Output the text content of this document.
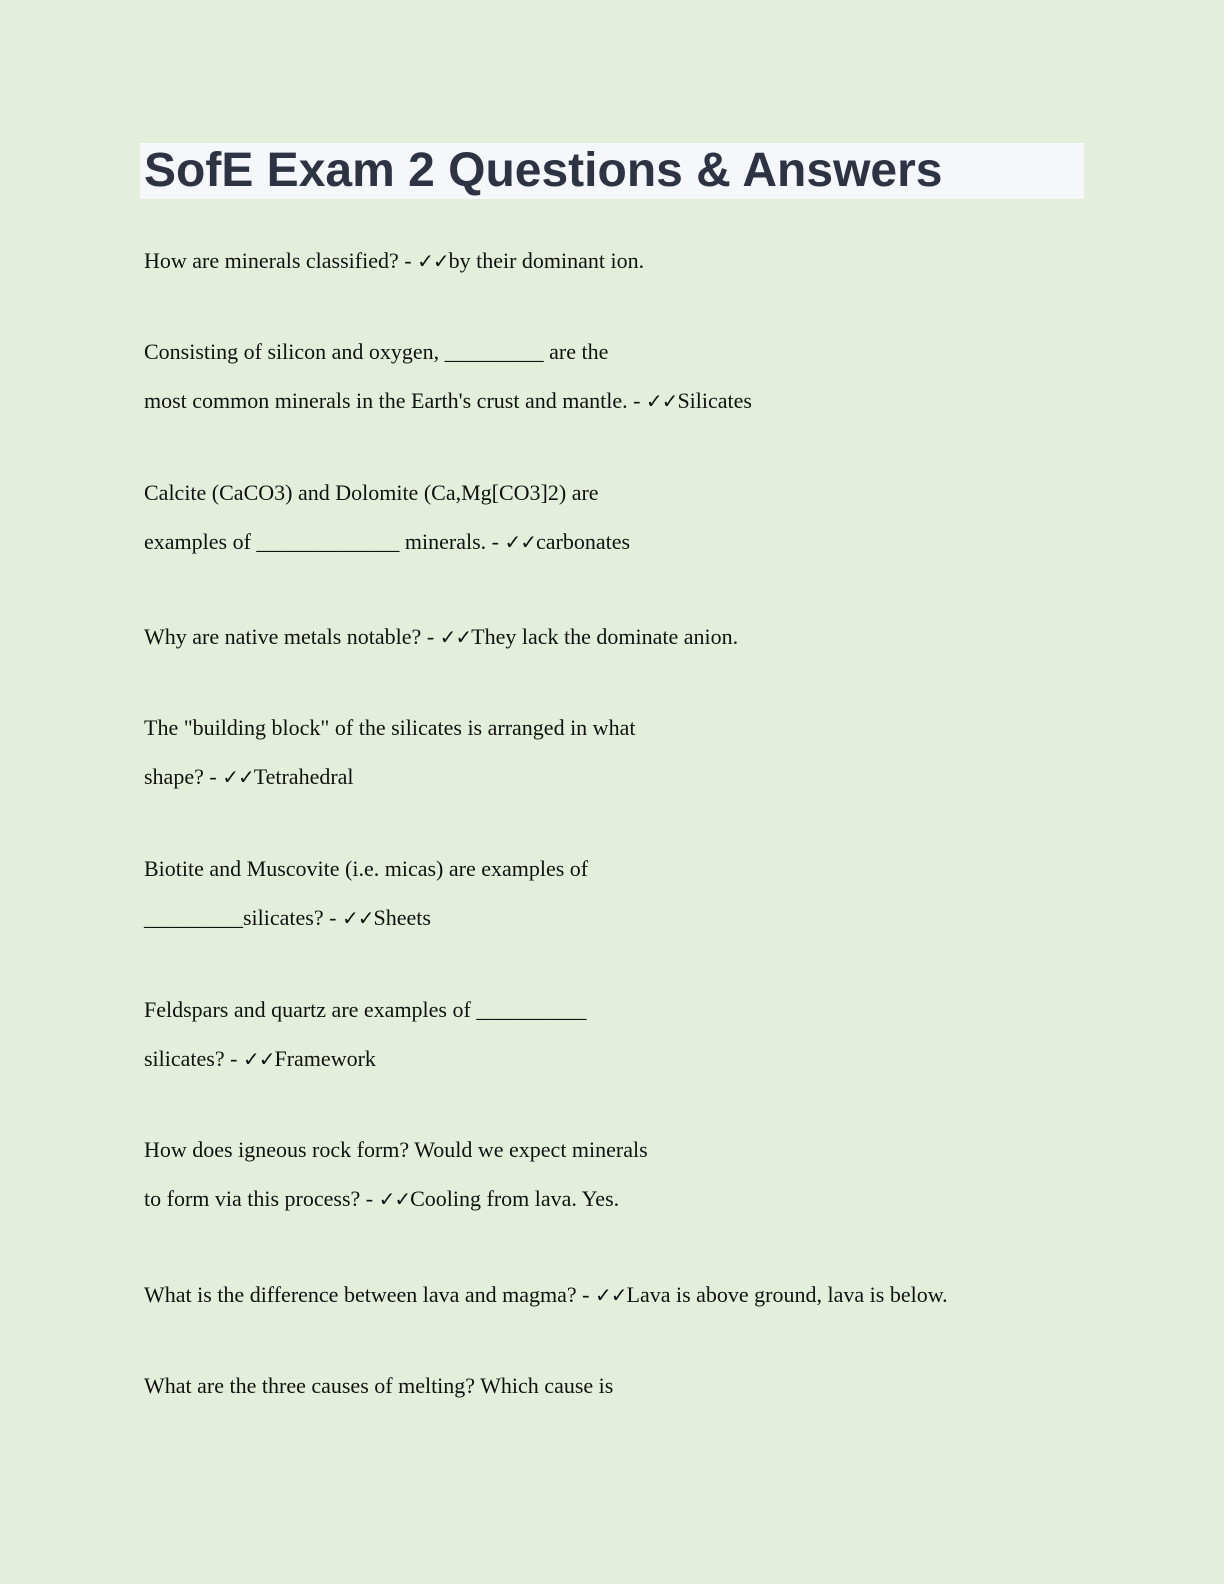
SofE Exam 2 Questions & Answers
How are minerals classified? - ✓✓by their dominant ion.
Consisting of silicon and oxygen, _________ are the
most common minerals in the Earth's crust and mantle. - ✓✓Silicates
Calcite (CaCO3) and Dolomite (Ca,Mg[CO3]2) are
examples of _____________ minerals. - ✓✓carbonates
Why are native metals notable? - ✓✓They lack the dominate anion.
The "building block" of the silicates is arranged in what
shape? - ✓✓Tetrahedral
Biotite and Muscovite (i.e. micas) are examples of
_________silicates? - ✓✓Sheets
Feldspars and quartz are examples of __________
silicates? - ✓✓Framework
How does igneous rock form? Would we expect minerals
to form via this process? - ✓✓Cooling from lava. Yes.
What is the difference between lava and magma? - ✓✓Lava is above ground, lava is below.
What are the three causes of melting? Which cause is
